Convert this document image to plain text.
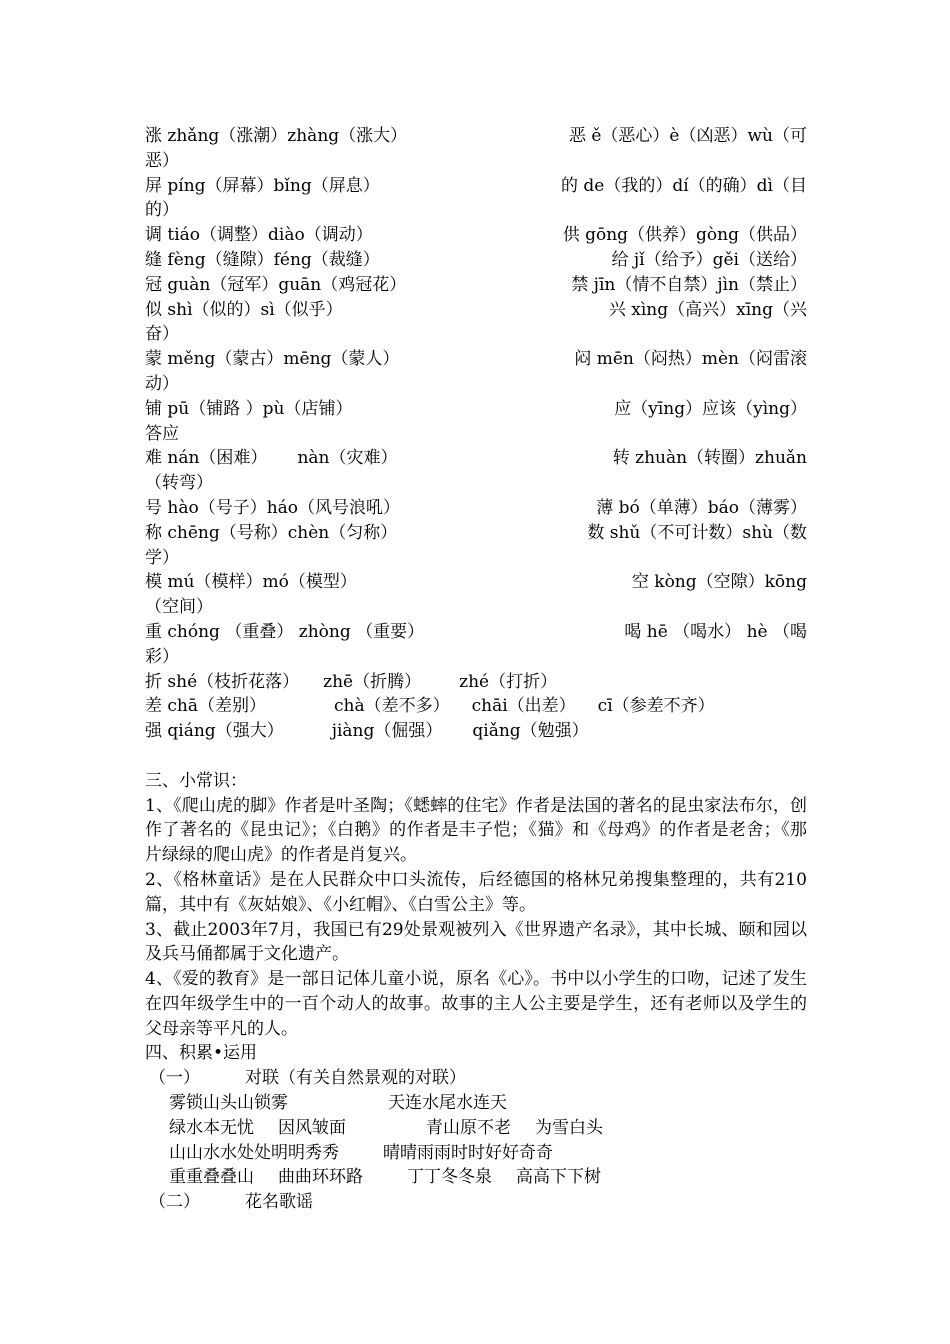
涨 zhǎng（涨潮）zhàng（涨大）	恶 ě（恶心）è（凶恶）wù（可
恶）
屏 píng（屏幕）bǐng（屏息）	的 de（我的）dí（的确）dì（目
的）
调 tiáo（调整）diào（调动）	供 gōng（供养）gòng（供品）
缝 fèng（缝隙）féng（裁缝）	给 jǐ（给予）gěi（送给）
冠 guàn（冠军）guān（鸡冠花）	禁 jīn（情不自禁）jìn（禁止）
似 shì（似的）sì（似乎）	兴 xìng（高兴）xīng（兴
奋）
蒙 měng（蒙古）mēng（蒙人）	闷 mēn（闷热）mèn（闷雷滚
动）
铺 pū（铺路 ）pù（店铺）	应（yīng）应该（yìng）
答应
难 nán（困难） nàn（灾难）	转 zhuàn（转圈）zhuǎn
（转弯）
号 hào（号子）háo（风号浪吼）	薄 bó（单薄）báo（薄雾）
称 chēng（号称）chèn（匀称）	数 shǔ（不可计数）shù（数
学）
模 mú（模样）mó（模型）	空 kòng（空隙）kōng
（空间）
重 chóng （重叠） zhòng （重要）	喝 hē （喝水） hè （喝
彩）
折 shé（枝折花落） zhē（折腾） zhé（打折）
差 chā（差别）	chà（差不多） chāi（出差） cī（参差不齐）
强 qiáng（强大）	jiàng（倔强） qiǎng（勉强）
三、小常识：
1、《爬山虎的脚》作者是叶圣陶；《蟋蟀的住宅》作者是法国的著名的昆虫家法布尔，创作了著名的《昆虫记》；《白鹅》的作者是丰子恺；《猫》和《母鸡》的作者是老舍；《那片绿绿的爬山虎》的作者是肖复兴。
2、《格林童话》是在人民群众中口头流传，后经德国的格林兄弟搜集整理的，共有210篇，其中有《灰姑娘》、《小红帽》、《白雪公主》等。
3、截止2003年7月，我国已有29处景观被列入《世界遗产名录》，其中长城、颐和园以及兵马俑都属于文化遗产。
4、《爱的教育》是一部日记体儿童小说，原名《心》。书中以小学生的口吻，记述了发生在四年级学生中的一百个动人的故事。故事的主人公主要是学生，还有老师以及学生的父母亲等平凡的人。
四、积累•运用
（一）	对联（有关自然景观的对联）
雾锁山头山锁雾	天连水尾水连天
绿水本无忧 因风皱面	青山原不老 为雪白头
山山水水处处明明秀秀	晴晴雨雨时时好好奇奇
重重叠叠山 曲曲环环路	丁丁冬冬泉 高高下下树
（二）	花名歌谣
